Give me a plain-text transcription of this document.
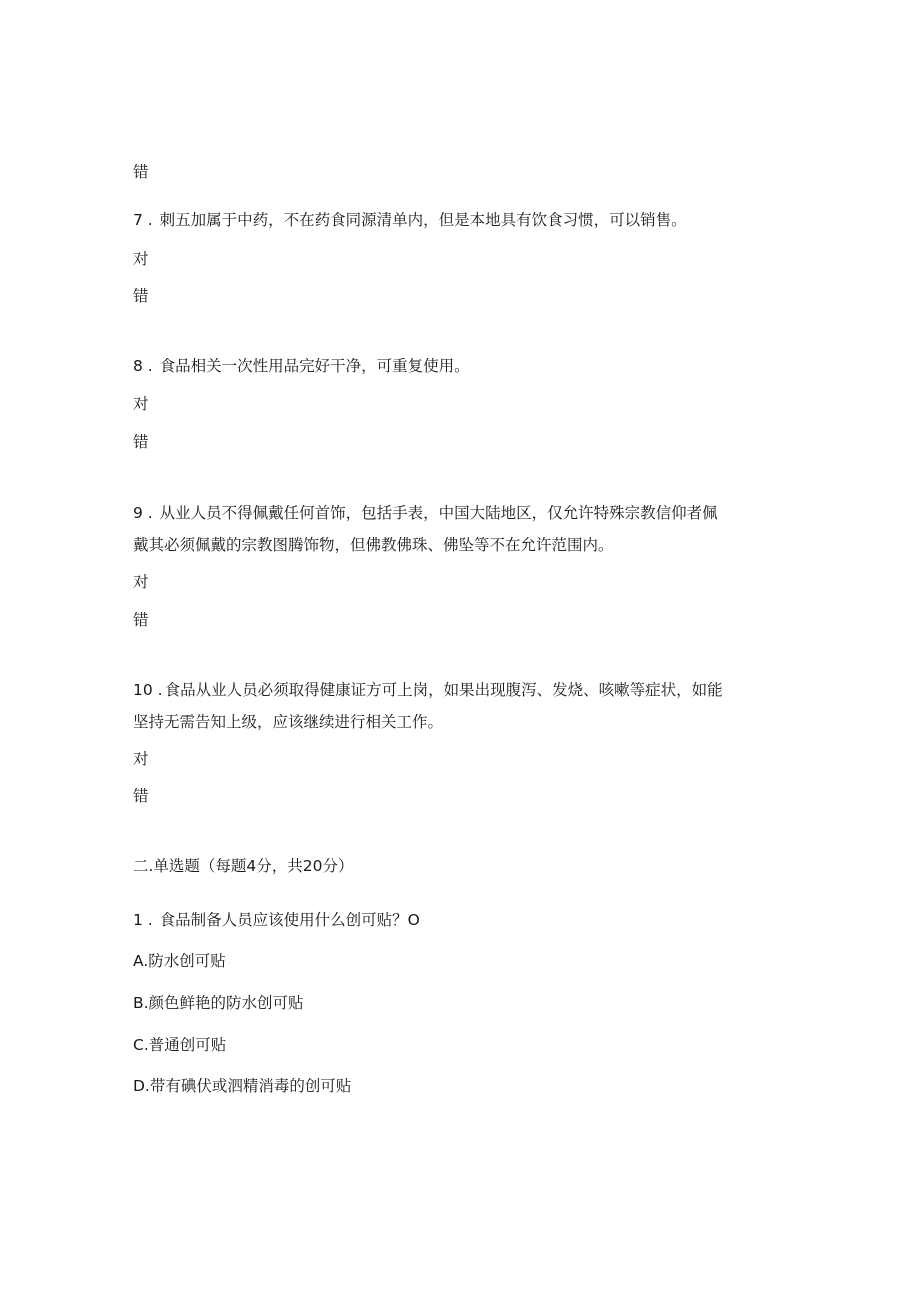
错
7 . 刺五加属于中药，不在药食同源清单内，但是本地具有饮食习惯，可以销售。
对
错
8 . 食品相关一次性用品完好干净，可重复使用。
对
错
9 . 从业人员不得佩戴任何首饰，包括手表，中国大陆地区，仅允许特殊宗教信仰者佩
戴其必须佩戴的宗教图腾饰物，但佛教佛珠、佛坠等不在允许范围内。
对
错
10 . 食品从业人员必须取得健康证方可上岗，如果出现腹泻、发烧、咳嗽等症状，如能
坚持无需告知上级，应该继续进行相关工作。
对
错
二.单选题（每题4分，共20分）
1 . 食品制备人员应该使用什么创可贴？O
A.防水创可贴
B.颜色鲜艳的防水创可贴
C.普通创可贴
D.带有碘伏或泗精消毒的创可贴
